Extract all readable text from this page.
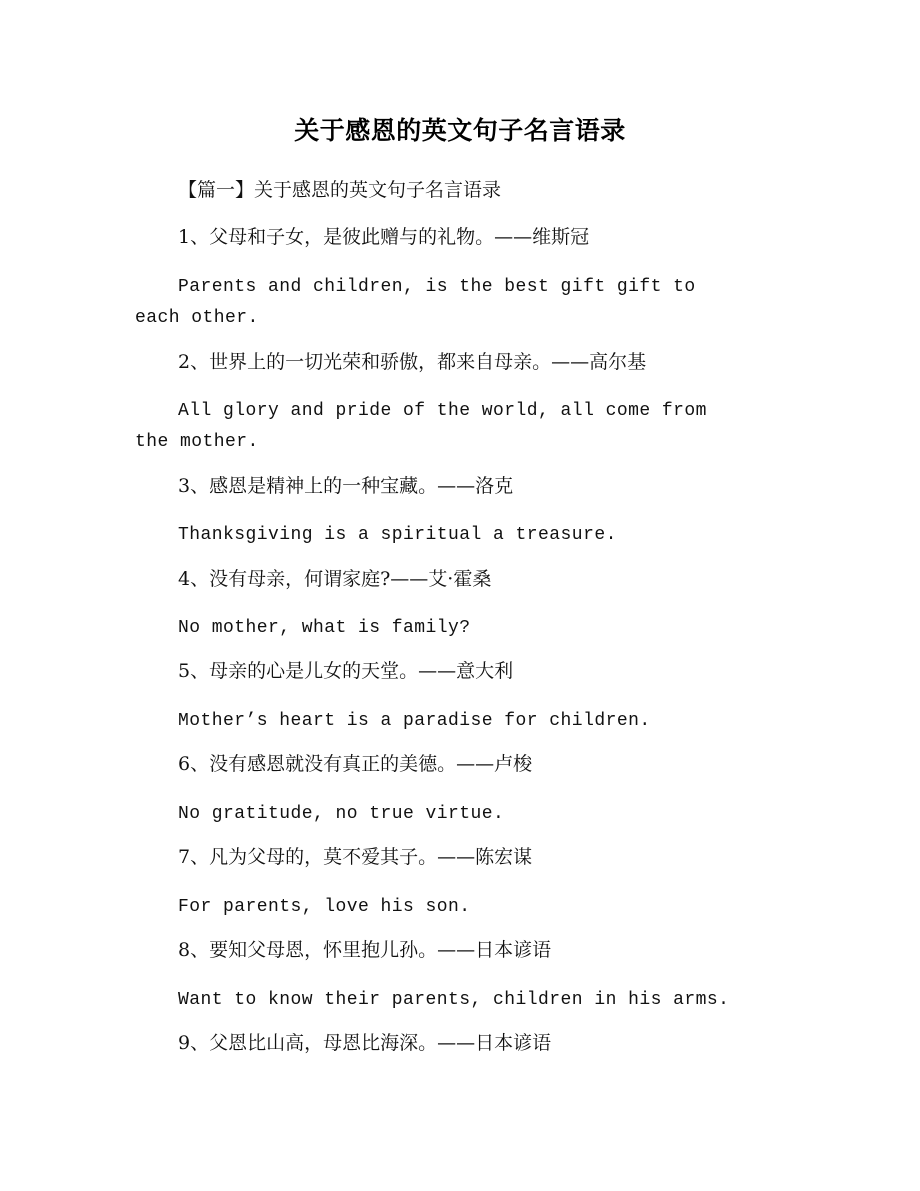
关于感恩的英文句子名言语录
【篇一】关于感恩的英文句子名言语录
1、父母和子女，是彼此赠与的礼物。——维斯冠
Parents and children, is the best gift gift to each other.
2、世界上的一切光荣和骄傲，都来自母亲。——高尔基
All glory and pride of the world, all come from the mother.
3、感恩是精神上的一种宝藏。——洛克
Thanksgiving is a spiritual a treasure.
4、没有母亲，何谓家庭?——艾·霍桑
No mother, what is family?
5、母亲的心是儿女的天堂。——意大利
Mother’s heart is a paradise for children.
6、没有感恩就没有真正的美德。——卢梭
No gratitude, no true virtue.
7、凡为父母的，莫不爱其子。——陈宏谋
For parents, love his son.
8、要知父母恩，怀里抱儿孙。——日本谚语
Want to know their parents, children in his arms.
9、父恩比山高，母恩比海深。——日本谚语
